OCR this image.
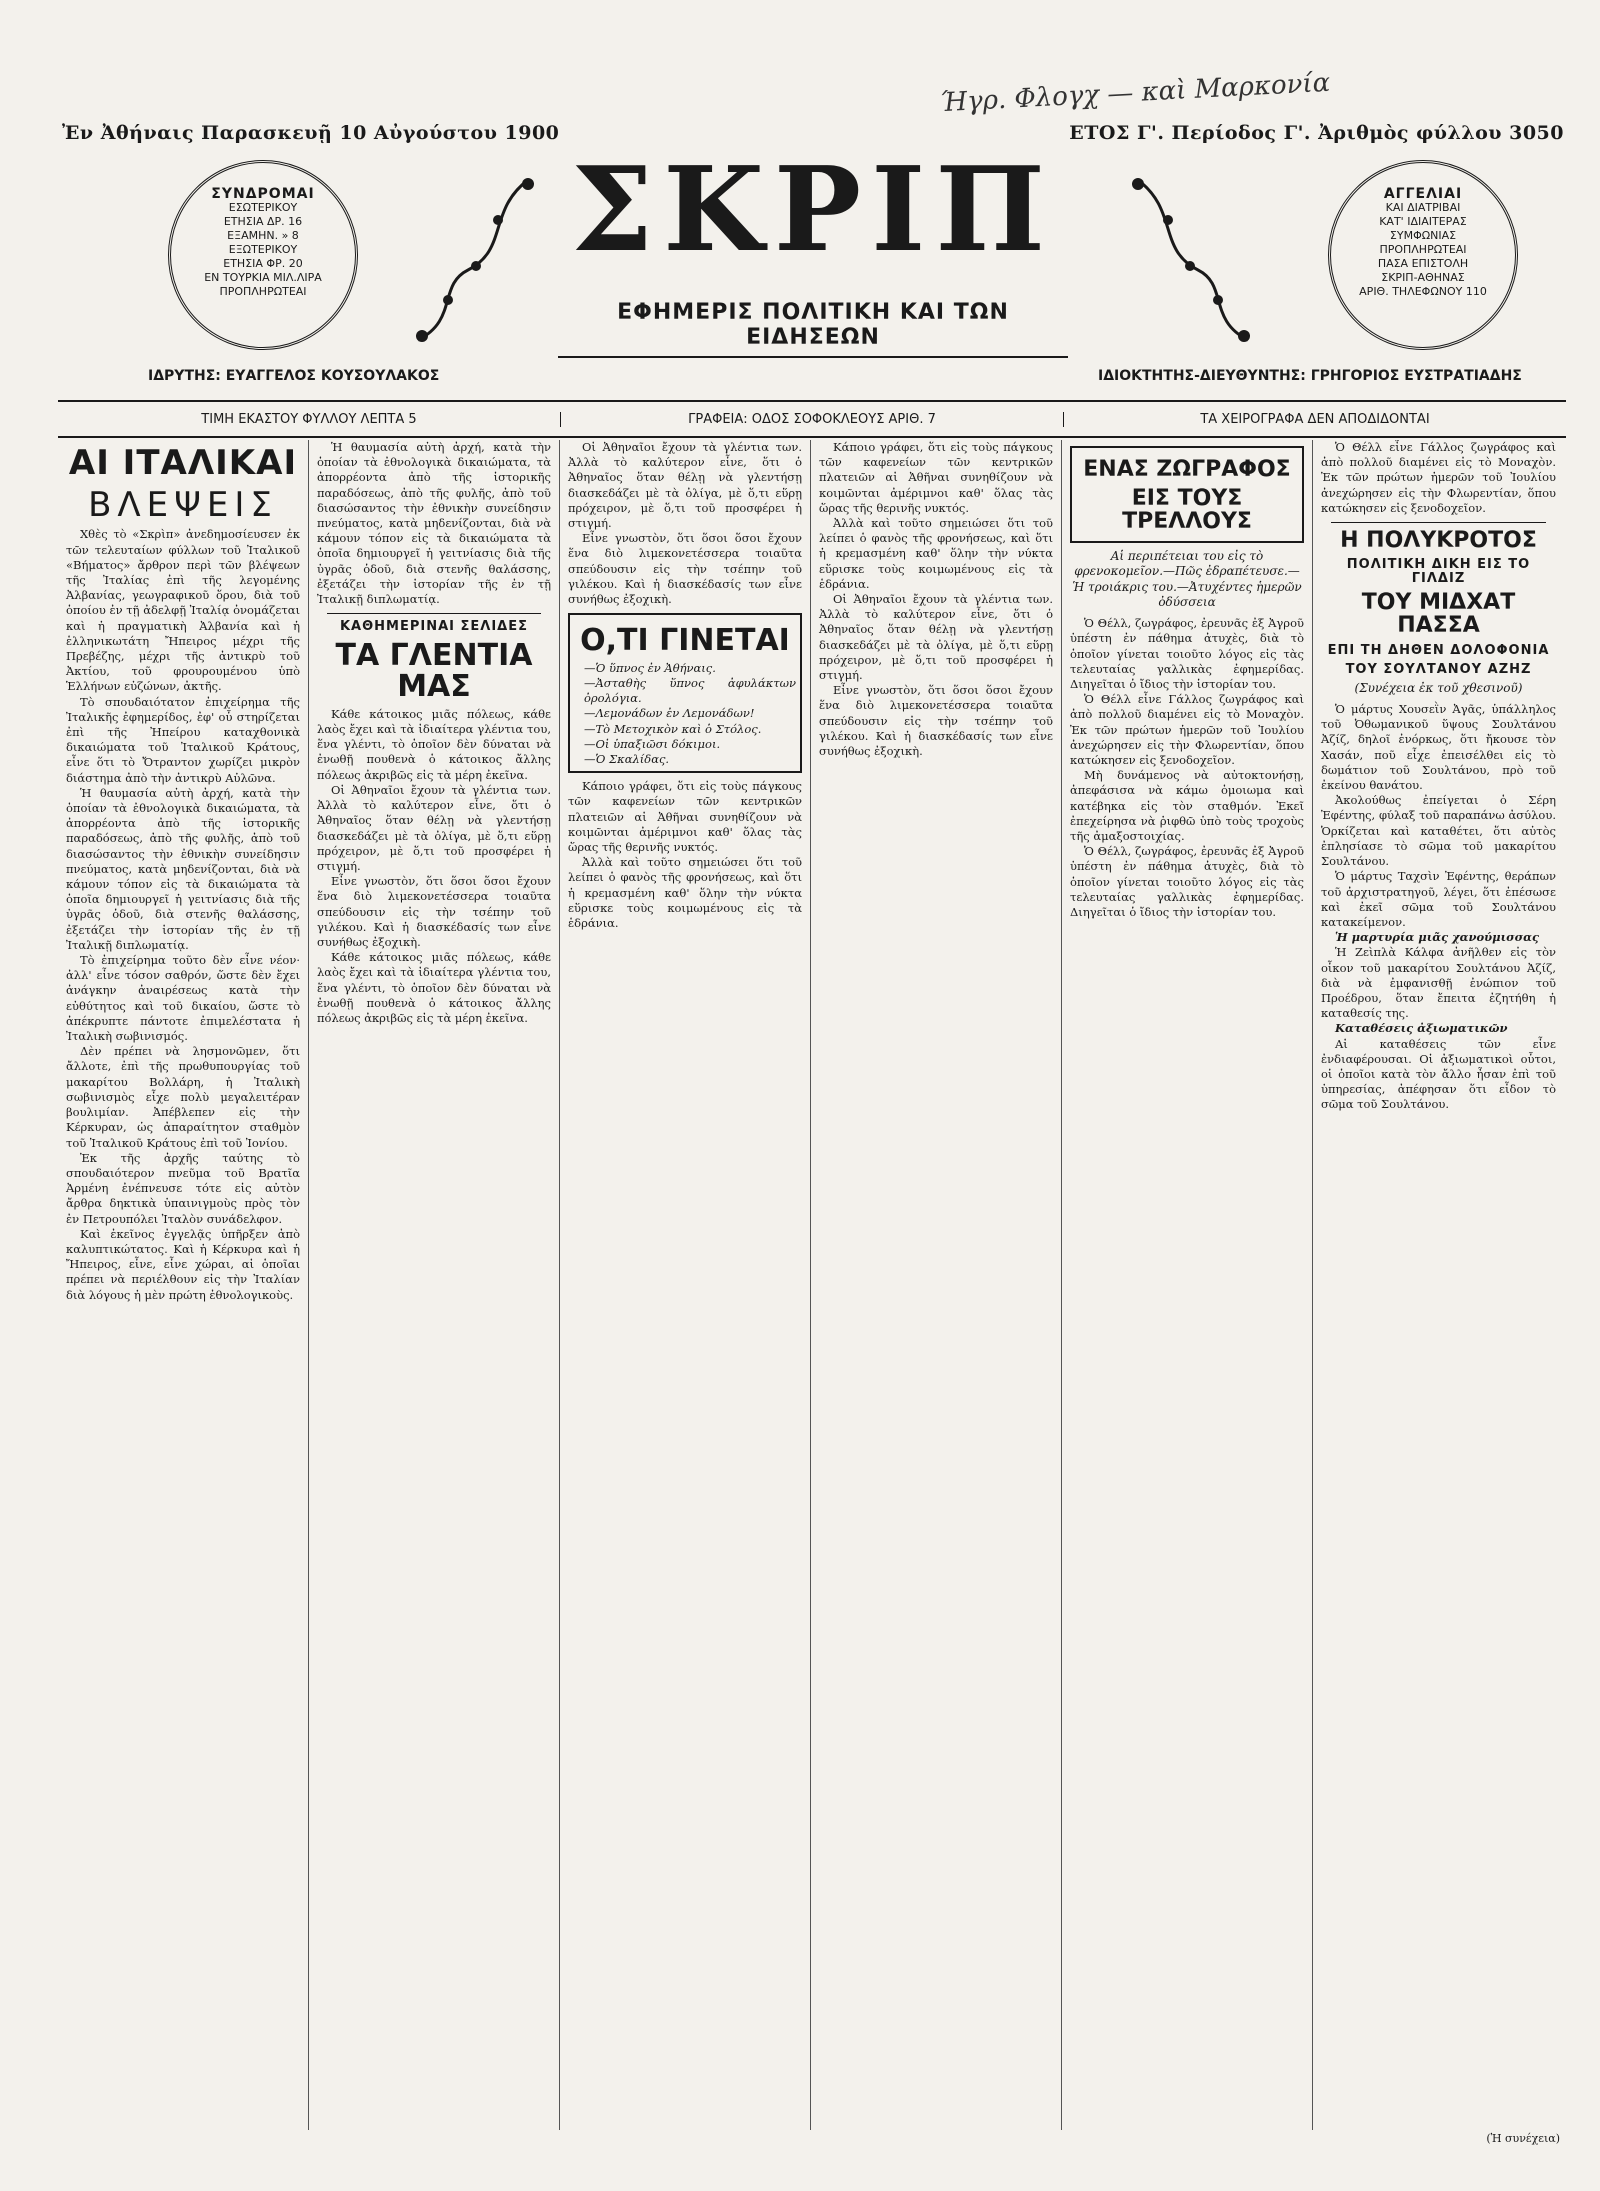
Ήγρ. Φλογχ — καὶ Μαρκονία
Ἐν Ἀθήναις Παρασκευῇ 10 Αὐγούστου 1900	ΕΤΟΣ Γ'. Περίοδος Γ'. Ἀριθμὸς φύλλου 3050
ΣΥΝΔΡΟΜΑΙ
ΕΣΩΤΕΡΙΚΟΥ
ΕΤΗΣΙΑ ΔΡ. 16
ΕΞΑΜΗΝ. » 8
ΕΞΩΤΕΡΙΚΟΥ
ΕΤΗΣΙΑ ΦΡ. 20
ΕΝ ΤΟΥΡΚΙΑ ΜΙΛ.ΛΙΡΑ
ΠΡΟΠΛΗΡΩΤΕΑΙ
ΣΚΡΙΠ
ΕΦΗΜΕΡΙΣ ΠΟΛΙΤΙΚΗ ΚΑΙ ΤΩΝ ΕΙΔΗΣΕΩΝ
ΑΓΓΕΛΙΑΙ
ΚΑΙ ΔΙΑΤΡΙΒΑΙ
ΚΑΤ' ΙΔΙΑΙΤΕΡΑΣ
ΣΥΜΦΩΝΙΑΣ
ΠΡΟΠΛΗΡΩΤΕΑΙ
ΠΑΣΑ ΕΠΙΣΤΟΛΗ
ΣΚΡΙΠ-ΑΘΗΝΑΣ
ΑΡΙΘ. ΤΗΛΕΦΩΝΟΥ 110
ΙΔΡΥΤΗΣ: ΕΥΑΓΓΕΛΟΣ ΚΟΥΣΟΥΛΑΚΟΣ	ΙΔΙΟΚΤΗΤΗΣ-ΔΙΕΥΘΥΝΤΗΣ: ΓΡΗΓΟΡΙΟΣ ΕΥΣΤΡΑΤΙΑΔΗΣ
ΤΙΜΗ ΕΚΑΣΤΟΥ ΦΥΛΛΟΥ ΛΕΠΤΑ 5	ΓΡΑΦΕΙΑ: ΟΔΟΣ ΣΟΦΟΚΛΕΟΥΣ ΑΡΙΘ. 7	ΤΑ ΧΕΙΡΟΓΡΑΦΑ ΔΕΝ ΑΠΟΔΙΔΟΝΤΑΙ
ΑΙ ΙΤΑΛΙΚΑΙ
ΒΛΕΨΕΙΣ

Χθὲς τὸ «Σκρὶπ» ἀνεδημοσίευσεν ἐκ τῶν τελευταίων φύλλων τοῦ Ἰταλικοῦ «Βήματος» ἄρθρον περὶ τῶν βλέψεων τῆς Ἰταλίας ἐπὶ τῆς λεγομένης Ἀλβανίας, γεωγραφικοῦ ὅρου, διὰ τοῦ ὁποίου ἐν τῇ ἀδελφῇ Ἰταλίᾳ ὀνομάζεται καὶ ἡ πραγματικὴ Ἀλβανία καὶ ἡ ἑλληνικωτάτη Ἤπειρος μέχρι τῆς Πρεβέζης, μέχρι τῆς ἀντικρὺ τοῦ Ἀκτίου, τοῦ φρουρουμένου ὑπὸ Ἑλλήνων εὐζώνων, ἀκτῆς.

Τὸ σπουδαιότατον ἐπιχείρημα τῆς Ἰταλικῆς ἐφημερίδος, ἐφ' οὗ στηρίζεται ἐπὶ τῆς Ἠπείρου καταχθονικὰ δικαιώματα τοῦ Ἰταλικοῦ Κράτους, εἶνε ὅτι τὸ Ὄτραντον χωρίζει μικρὸν διάστημα ἀπὸ τὴν ἀντικρὺ Αὐλῶνα.

Ἡ θαυμασία αὐτὴ ἀρχή, κατὰ τὴν ὁποίαν τὰ ἐθνολογικὰ δικαιώματα, τὰ ἀπορρέοντα ἀπὸ τῆς ἱστορικῆς παραδόσεως, ἀπὸ τῆς φυλῆς, ἀπὸ τοῦ διασώσαντος τὴν ἐθνικὴν συνείδησιν πνεύματος, κατὰ μηδενίζονται, διὰ νὰ κάμουν τόπον εἰς τὰ δικαιώματα τὰ ὁποῖα δημιουργεῖ ἡ γειτνίασις διὰ τῆς ὑγρᾶς ὁδοῦ, διὰ στενῆς θαλάσσης, ἐξετάζει τὴν ἱστορίαν τῆς ἐν τῇ Ἰταλικῇ διπλωματίᾳ.

Τὸ ἐπιχείρημα τοῦτο δὲν εἶνε νέον· ἀλλ' εἶνε τόσον σαθρόν, ὥστε δὲν ἔχει ἀνάγκην ἀναιρέσεως κατὰ τὴν εὐθύτητος καὶ τοῦ δικαίου, ὥστε τὸ ἀπέκρυπτε πάντοτε ἐπιμελέστατα ἡ Ἰταλικὴ σωβινισμός.

Δὲν πρέπει νὰ λησμονῶμεν, ὅτι ἄλλοτε, ἐπὶ τῆς πρωθυπουργίας τοῦ μακαρίτου Βολλάρη, ἡ Ἰταλικὴ σωβινισμὸς εἶχε πολὺ μεγαλειτέραν βουλιμίαν. Ἀπέβλεπεν εἰς τὴν Κέρκυραν, ὡς ἀπαραίτητον σταθμὸν τοῦ Ἰταλικοῦ Κράτους ἐπὶ τοῦ Ἰονίου.

Ἐκ τῆς ἀρχῆς ταύτης τὸ σπουδαιότερον πνεῦμα τοῦ Βρατῖα Ἀρμένη ἐνέπνευσε τότε εἰς αὐτὸν ἄρθρα δηκτικὰ ὑπαινιγμοὺς πρὸς τὸν ἐν Πετρουπόλει Ἰταλὸν συνάδελφον.

Καὶ ἐκεῖνος ἐγγελᾷς ὑπῆρξεν ἀπὸ καλυπτικώτατος. Καὶ ἡ Κέρκυρα καὶ ἡ Ἤπειρος, εἶνε, εἶνε χώραι, αἱ ὁποῖαι πρέπει νὰ περιέλθουν εἰς τὴν Ἰταλίαν διὰ λόγους ἡ μὲν πρώτη ἐθνολογικοὺς.

Ἡ θαυμασία αὐτὴ ἀρχή, κατὰ τὴν ὁποίαν τὰ ἐθνολογικὰ δικαιώματα, τὰ ἀπορρέοντα ἀπὸ τῆς ἱστορικῆς παραδόσεως, ἀπὸ τῆς φυλῆς, ἀπὸ τοῦ διασώσαντος τὴν ἐθνικὴν συνείδησιν πνεύματος, κατὰ μηδενίζονται, διὰ νὰ κάμουν τόπον εἰς τὰ δικαιώματα τὰ ὁποῖα δημιουργεῖ ἡ γειτνίασις διὰ τῆς ὑγρᾶς ὁδοῦ, διὰ στενῆς θαλάσσης, ἐξετάζει τὴν ἱστορίαν τῆς ἐν τῇ Ἰταλικῇ διπλωματίᾳ.

ΚΑΘΗΜΕΡΙΝΑΙ ΣΕΛΙΔΕΣ
ΤΑ ΓΛΕΝΤΙΑ ΜΑΣ

Κάθε κάτοικος μιᾶς πόλεως, κάθε λαὸς ἔχει καὶ τὰ ἰδιαίτερα γλέντια του, ἕνα γλέντι, τὸ ὁποῖον δὲν δύναται νὰ ἐνωθῇ πουθενὰ ὁ κάτοικος ἄλλης πόλεως ἀκριβῶς εἰς τὰ μέρη ἐκεῖνα.

Οἱ Ἀθηναῖοι ἔχουν τὰ γλέντια των. Ἀλλὰ τὸ καλύτερον εἶνε, ὅτι ὁ Ἀθηναῖος ὅταν θέλῃ νὰ γλεντήσῃ διασκεδάζει μὲ τὰ ὀλίγα, μὲ ὅ,τι εὕρῃ πρόχειρον, μὲ ὅ,τι τοῦ προσφέρει ἡ στιγμή.

Εἶνε γνωστὸν, ὅτι ὅσοι ὅσοι ἔχουν ἕνα διὸ λιμεκονετέσσερα τοιαῦτα σπεύδουσιν εἰς τὴν τσέπην τοῦ γιλέκου. Καὶ ἡ διασκέδασίς των εἶνε συνήθως ἐξοχικὴ.

Κάθε κάτοικος μιᾶς πόλεως, κάθε λαὸς ἔχει καὶ τὰ ἰδιαίτερα γλέντια του, ἕνα γλέντι, τὸ ὁποῖον δὲν δύναται νὰ ἐνωθῇ πουθενὰ ὁ κάτοικος ἄλλης πόλεως ἀκριβῶς εἰς τὰ μέρη ἐκεῖνα.

Οἱ Ἀθηναῖοι ἔχουν τὰ γλέντια των. Ἀλλὰ τὸ καλύτερον εἶνε, ὅτι ὁ Ἀθηναῖος ὅταν θέλῃ νὰ γλεντήσῃ διασκεδάζει μὲ τὰ ὀλίγα, μὲ ὅ,τι εὕρῃ πρόχειρον, μὲ ὅ,τι τοῦ προσφέρει ἡ στιγμή.

Εἶνε γνωστὸν, ὅτι ὅσοι ὅσοι ἔχουν ἕνα διὸ λιμεκονετέσσερα τοιαῦτα σπεύδουσιν εἰς τὴν τσέπην τοῦ γιλέκου. Καὶ ἡ διασκέδασίς των εἶνε συνήθως ἐξοχικὴ.

Ο,ΤΙ ΓΙΝΕΤΑΙ

—Ὁ ὕπνος ἐν Ἀθήναις.

—Ἀσταθὴς ὕπνος ἀφυλάκτων ὀρολόγια.

—Λεμονάδων ἐν Λεμονάδων!

—Τὸ Μετοχικὸν καὶ ὁ Στόλος.

—Οἱ ὑπαξιῶσι δόκιμοι.

—Ὁ Σκαλίδας.

Κάποιο γράφει, ὅτι εἰς τοὺς πάγκους τῶν καφενείων τῶν κεντρικῶν πλατειῶν αἱ Ἀθῆναι συνηθίζουν νὰ κοιμῶνται ἀμέριμνοι καθ' ὅλας τὰς ὥρας τῆς θερινῆς νυκτός.

Ἀλλὰ καὶ τοῦτο σημειώσει ὅτι τοῦ λείπει ὁ φανὸς τῆς φρονήσεως, καὶ ὅτι ἡ κρεμασμένη καθ' ὅλην τὴν νύκτα εὕρισκε τοὺς κοιμωμένους εἰς τὰ ἑδράνια.

Κάποιο γράφει, ὅτι εἰς τοὺς πάγκους τῶν καφενείων τῶν κεντρικῶν πλατειῶν αἱ Ἀθῆναι συνηθίζουν νὰ κοιμῶνται ἀμέριμνοι καθ' ὅλας τὰς ὥρας τῆς θερινῆς νυκτός.

Ἀλλὰ καὶ τοῦτο σημειώσει ὅτι τοῦ λείπει ὁ φανὸς τῆς φρονήσεως, καὶ ὅτι ἡ κρεμασμένη καθ' ὅλην τὴν νύκτα εὕρισκε τοὺς κοιμωμένους εἰς τὰ ἑδράνια.

Οἱ Ἀθηναῖοι ἔχουν τὰ γλέντια των. Ἀλλὰ τὸ καλύτερον εἶνε, ὅτι ὁ Ἀθηναῖος ὅταν θέλῃ νὰ γλεντήσῃ διασκεδάζει μὲ τὰ ὀλίγα, μὲ ὅ,τι εὕρῃ πρόχειρον, μὲ ὅ,τι τοῦ προσφέρει ἡ στιγμή.

Εἶνε γνωστὸν, ὅτι ὅσοι ὅσοι ἔχουν ἕνα διὸ λιμεκονετέσσερα τοιαῦτα σπεύδουσιν εἰς τὴν τσέπην τοῦ γιλέκου. Καὶ ἡ διασκέδασίς των εἶνε συνήθως ἐξοχικὴ.

ΕΝΑΣ ΖΩΓΡΑΦΟΣ
ΕΙΣ ΤΟΥΣ ΤΡΕΛΛΟΥΣ
Αἱ περιπέτειαι του εἰς τὸ φρενοκομεῖον.—Πῶς ἐδραπέτευσε.—Ἡ τροιάκρις του.—Ἀτυχέντες ἡμερῶν ὀδύσσεια

Ὁ Θέλλ, ζωγράφος, ἐρευνᾶς ἐξ Ἀγροῦ ὑπέστη ἐν πάθημα ἀτυχὲς, διὰ τὸ ὁποῖον γίνεται τοιοῦτο λόγος εἰς τὰς τελευταίας γαλλικὰς ἐφημερίδας. Διηγεῖται ὁ ἴδιος τὴν ἱστορίαν του.

Ὁ Θέλλ εἶνε Γάλλος ζωγράφος καὶ ἀπὸ πολλοῦ διαμένει εἰς τὸ Μοναχὸν. Ἐκ τῶν πρώτων ἡμερῶν τοῦ Ἰουλίου ἀνεχώρησεν εἰς τὴν Φλωρεντίαν, ὅπου κατώκησεν εἰς ξενοδοχεῖον.

Μὴ δυνάμενος νὰ αὐτοκτονήσῃ, ἀπεφάσισα νὰ κάμω ὁμοιωμα καὶ κατέβηκα εἰς τὸν σταθμόν. Ἐκεῖ ἐπεχείρησα νὰ ῥιφθῶ ὑπὸ τοὺς τροχοὺς τῆς ἀμαξοστοιχίας.

Ὁ Θέλλ, ζωγράφος, ἐρευνᾶς ἐξ Ἀγροῦ ὑπέστη ἐν πάθημα ἀτυχὲς, διὰ τὸ ὁποῖον γίνεται τοιοῦτο λόγος εἰς τὰς τελευταίας γαλλικὰς ἐφημερίδας. Διηγεῖται ὁ ἴδιος τὴν ἱστορίαν του.

Ὁ Θέλλ εἶνε Γάλλος ζωγράφος καὶ ἀπὸ πολλοῦ διαμένει εἰς τὸ Μοναχὸν. Ἐκ τῶν πρώτων ἡμερῶν τοῦ Ἰουλίου ἀνεχώρησεν εἰς τὴν Φλωρεντίαν, ὅπου κατώκησεν εἰς ξενοδοχεῖον.

Η ΠΟΛΥΚΡΟΤΟΣ
ΠΟΛΙΤΙΚΗ ΔΙΚΗ ΕΙΣ ΤΟ ΓΙΛΔΙΖ
ΤΟΥ ΜΙΔΧΑΤ ΠΑΣΣΑ
ΕΠΙ ΤΗ ΔΗΘΕΝ ΔΟΛΟΦΟΝΙΑ
ΤΟΥ ΣΟΥΛΤΑΝΟΥ ΑΖΗΖ
(Συνέχεια ἐκ τοῦ χθεσινοῦ)

Ὁ μάρτυς Χουσεῒν Ἀγᾶς, ὑπάλληλος τοῦ Ὀθωμανικοῦ ὕψους Σουλτάνου Ἀζίζ, δηλοῖ ἐνόρκως, ὅτι ἤκουσε τὸν Χασάν, ποῦ εἶχε ἐπεισέλθει εἰς τὸ δωμάτιον τοῦ Σουλτάνου, πρὸ τοῦ ἐκείνου θανάτου.

Ἀκολούθως ἐπείγεται ὁ Σέρη Ἐφέντης, φύλαξ τοῦ παραπάνω ἀσύλου. Ὁρκίζεται καὶ καταθέτει, ὅτι αὐτὸς ἐπλησίασε τὸ σῶμα τοῦ μακαρίτου Σουλτάνου.

Ὁ μάρτυς Ταχσὶν Ἐφέντης, θεράπων τοῦ ἀρχιστρατηγοῦ, λέγει, ὅτι ἐπέσωσε καὶ ἐκεῖ σῶμα τοῦ Σουλτάνου κατακείμενον.

Ἡ μαρτυρία μιᾶς χανούμισσας

Ἡ Ζεὶπλὰ Κάλφα ἀνῆλθεν εἰς τὸν οἶκον τοῦ μακαρίτου Σουλτάνου Ἀζίζ, διὰ νὰ ἐμφανισθῇ ἐνώπιον τοῦ Προέδρου, ὅταν ἔπειτα ἐζητήθη ἡ καταθεσίς της.

Καταθέσεις ἀξιωματικῶν

Αἱ καταθέσεις τῶν εἶνε ἐνδιαφέρουσαι. Οἱ ἀξιωματικοὶ οὗτοι, οἱ ὁποῖοι κατὰ τὸν ἄλλο ἦσαν ἐπὶ τοῦ ὑπηρεσίας, ἀπέφησαν ὅτι εἶδον τὸ σῶμα τοῦ Σουλτάνου.

(Ἡ συνέχεια)
